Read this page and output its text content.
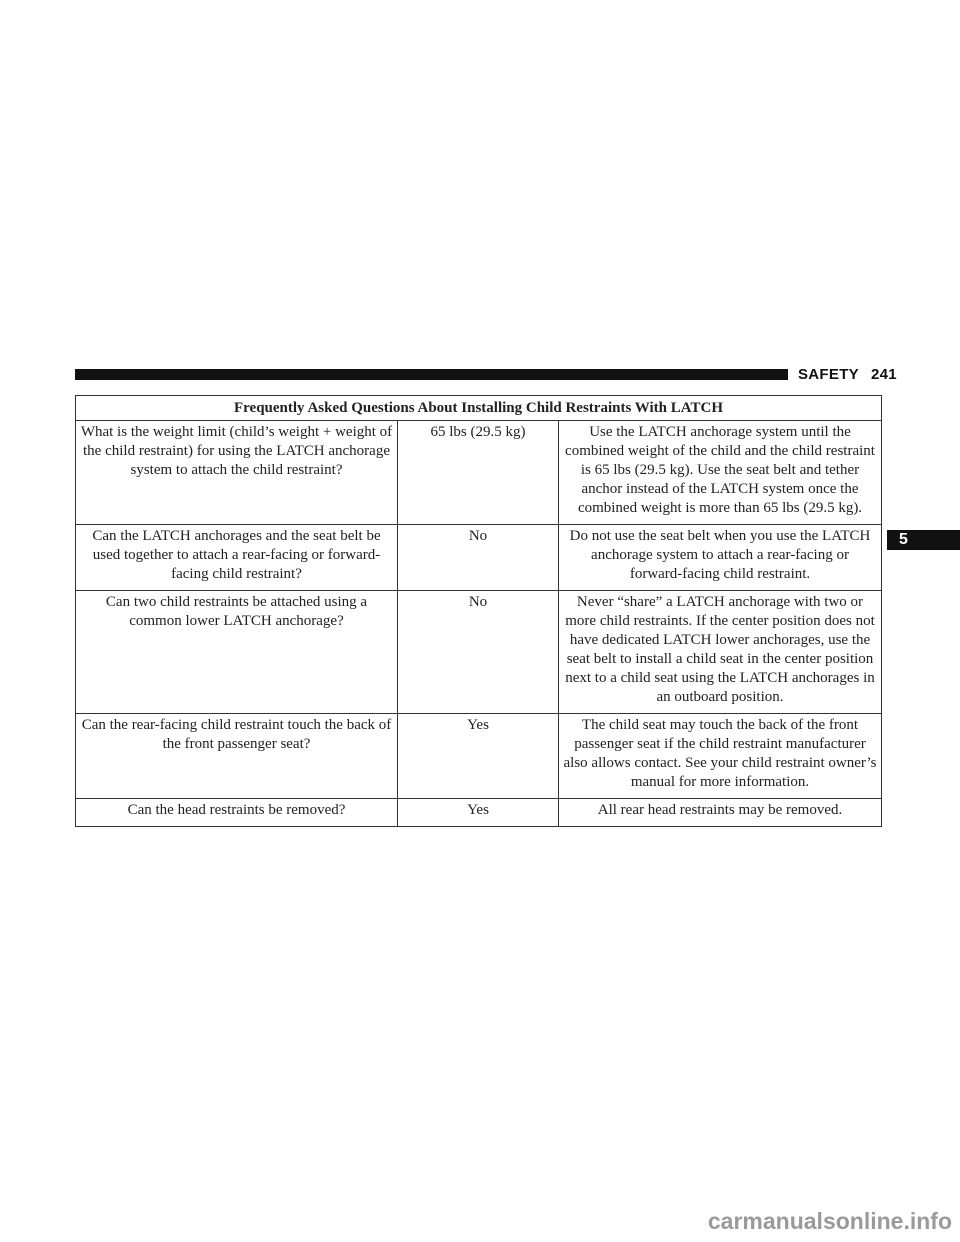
SAFETY 241
5
Frequently Asked Questions About Installing Child Restraints With LATCH		
What is the weight limit (child’s weight + weight of the child restraint) for using the LATCH anchorage system to attach the child restraint?	65 lbs (29.5 kg)	Use the LATCH anchorage system until the combined weight of the child and the child restraint is 65 lbs (29.5 kg). Use the seat belt and tether anchor instead of the LATCH system once the combined weight is more than 65 lbs (29.5 kg).
Can the LATCH anchorages and the seat belt be used together to attach a rear-facing or forward-facing child restraint?	No	Do not use the seat belt when you use the LATCH anchorage system to attach a rear-facing or forward-facing child restraint.
Can two child restraints be attached using a common lower LATCH anchorage?	No	Never “share” a LATCH anchorage with two or more child restraints. If the center position does not have dedicated LATCH lower anchorages, use the seat belt to install a child seat in the center position next to a child seat using the LATCH anchorages in an outboard position.
Can the rear-facing child restraint touch the back of the front passenger seat?	Yes	The child seat may touch the back of the front passenger seat if the child restraint manufacturer also allows contact. See your child restraint owner’s manual for more information.
Can the head restraints be removed?	Yes	All rear head restraints may be removed.
carmanualsonline.info
